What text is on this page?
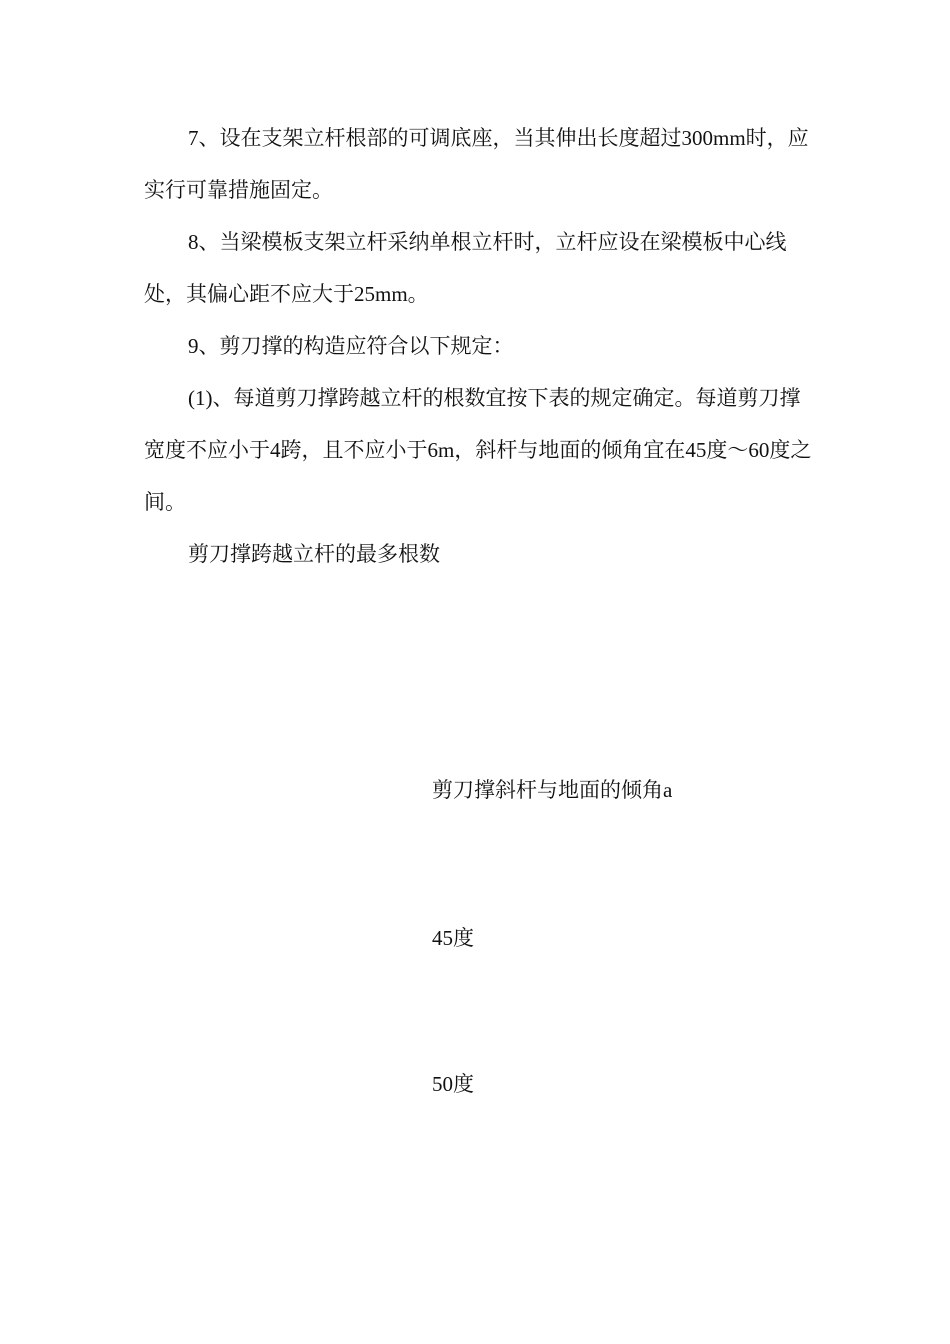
7、设在支架立杆根部的可调底座，当其伸出长度超过300mm时，应实行可靠措施固定。

8、当梁模板支架立杆采纳单根立杆时，立杆应设在梁模板中心线处，其偏心距不应大于25mm。

9、剪刀撑的构造应符合以下规定：

(1)、每道剪刀撑跨越立杆的根数宜按下表的规定确定。每道剪刀撑宽度不应小于4跨，且不应小于6m，斜杆与地面的倾角宜在45度～60度之间。

剪刀撑跨越立杆的最多根数

剪刀撑斜杆与地面的倾角a

45度

50度
